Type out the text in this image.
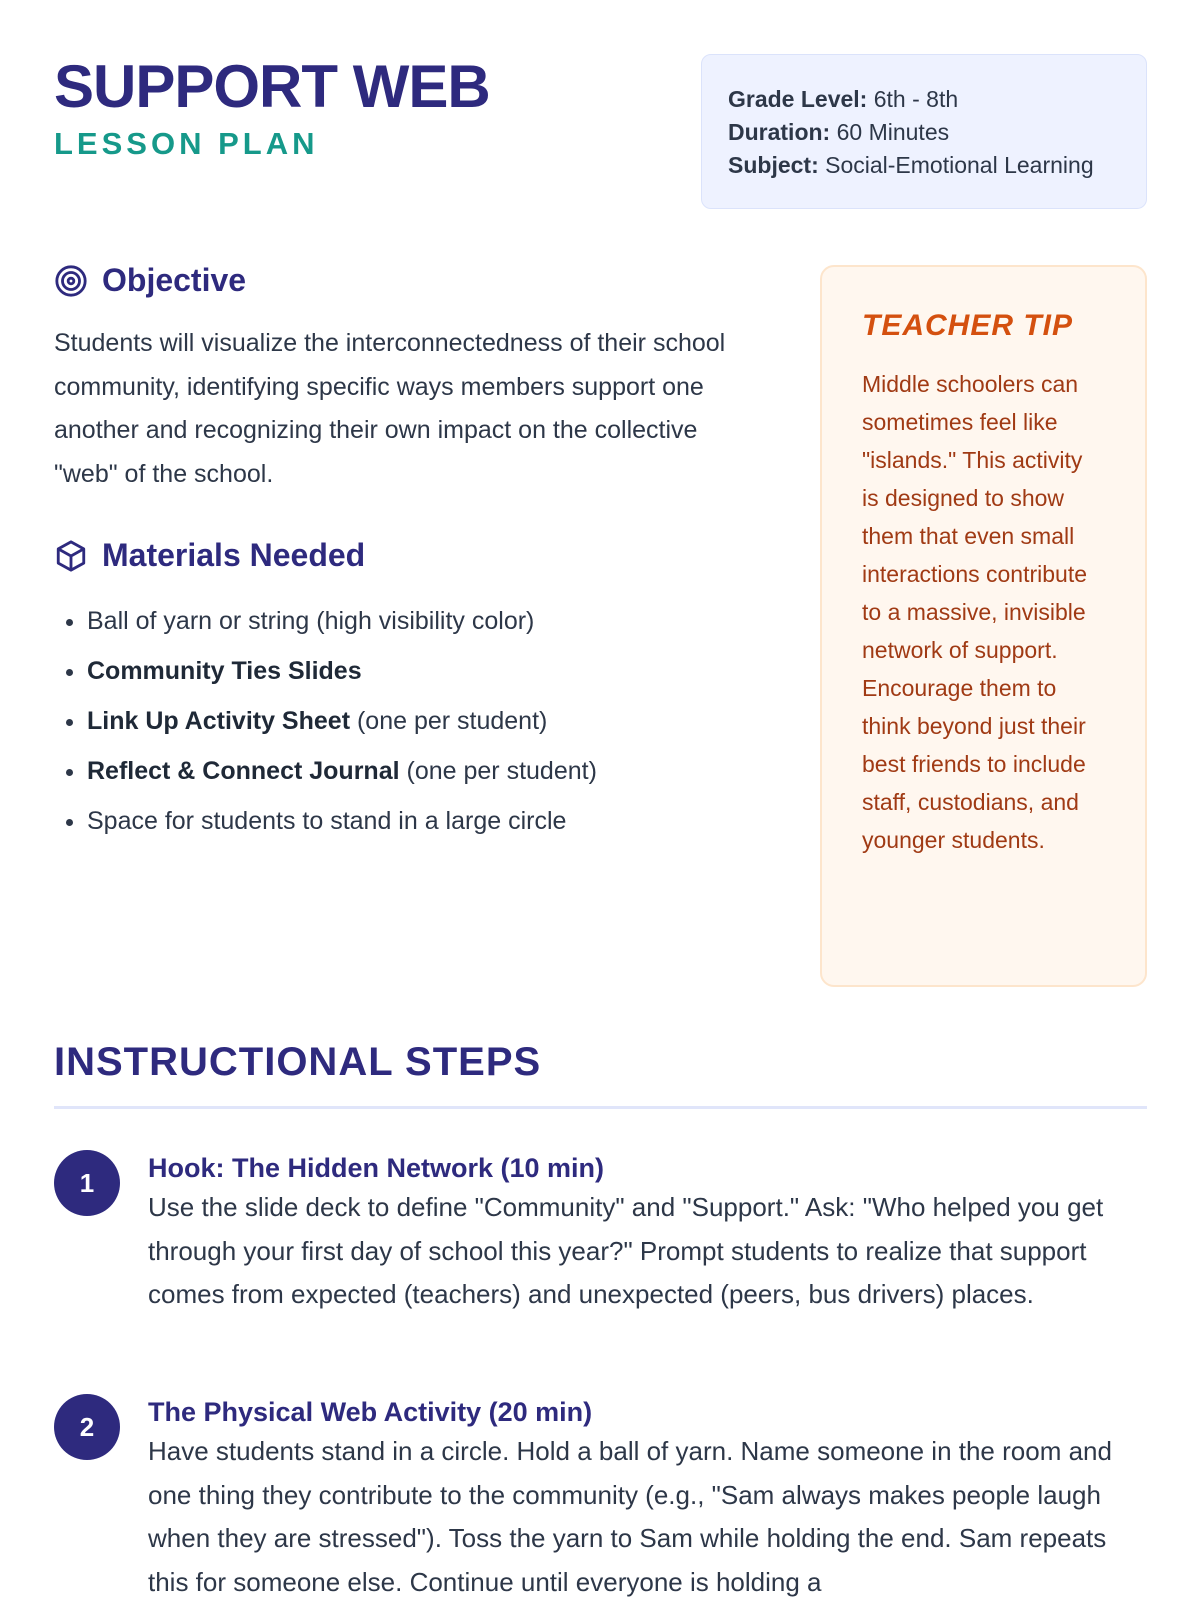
SUPPORT WEB
LESSON PLAN
Grade Level: 6th - 8th
Duration: 60 Minutes
Subject: Social-Emotional Learning
Objective
Students will visualize the interconnectedness of their school community, identifying specific ways members support one another and recognizing their own impact on the collective "web" of the school.
Materials Needed
• Ball of yarn or string (high visibility color)
• Community Ties Slides
• Link Up Activity Sheet (one per student)
• Reflect & Connect Journal (one per student)
• Space for students to stand in a large circle
TEACHER TIP
Middle schoolers can sometimes feel like "islands." This activity is designed to show them that even small interactions contribute to a massive, invisible network of support. Encourage them to think beyond just their best friends to include staff, custodians, and younger students.
INSTRUCTIONAL STEPS
1	Hook: The Hidden Network (10 min)
Use the slide deck to define "Community" and "Support." Ask: "Who helped you get through your first day of school this year?" Prompt students to realize that support comes from expected (teachers) and unexpected (peers, bus drivers) places.
2	The Physical Web Activity (20 min)
Have students stand in a circle. Hold a ball of yarn. Name someone in the room and one thing they contribute to the community (e.g., "Sam always makes people laugh when they are stressed"). Toss the yarn to Sam while holding the end. Sam repeats this for someone else. Continue until everyone is holding a
